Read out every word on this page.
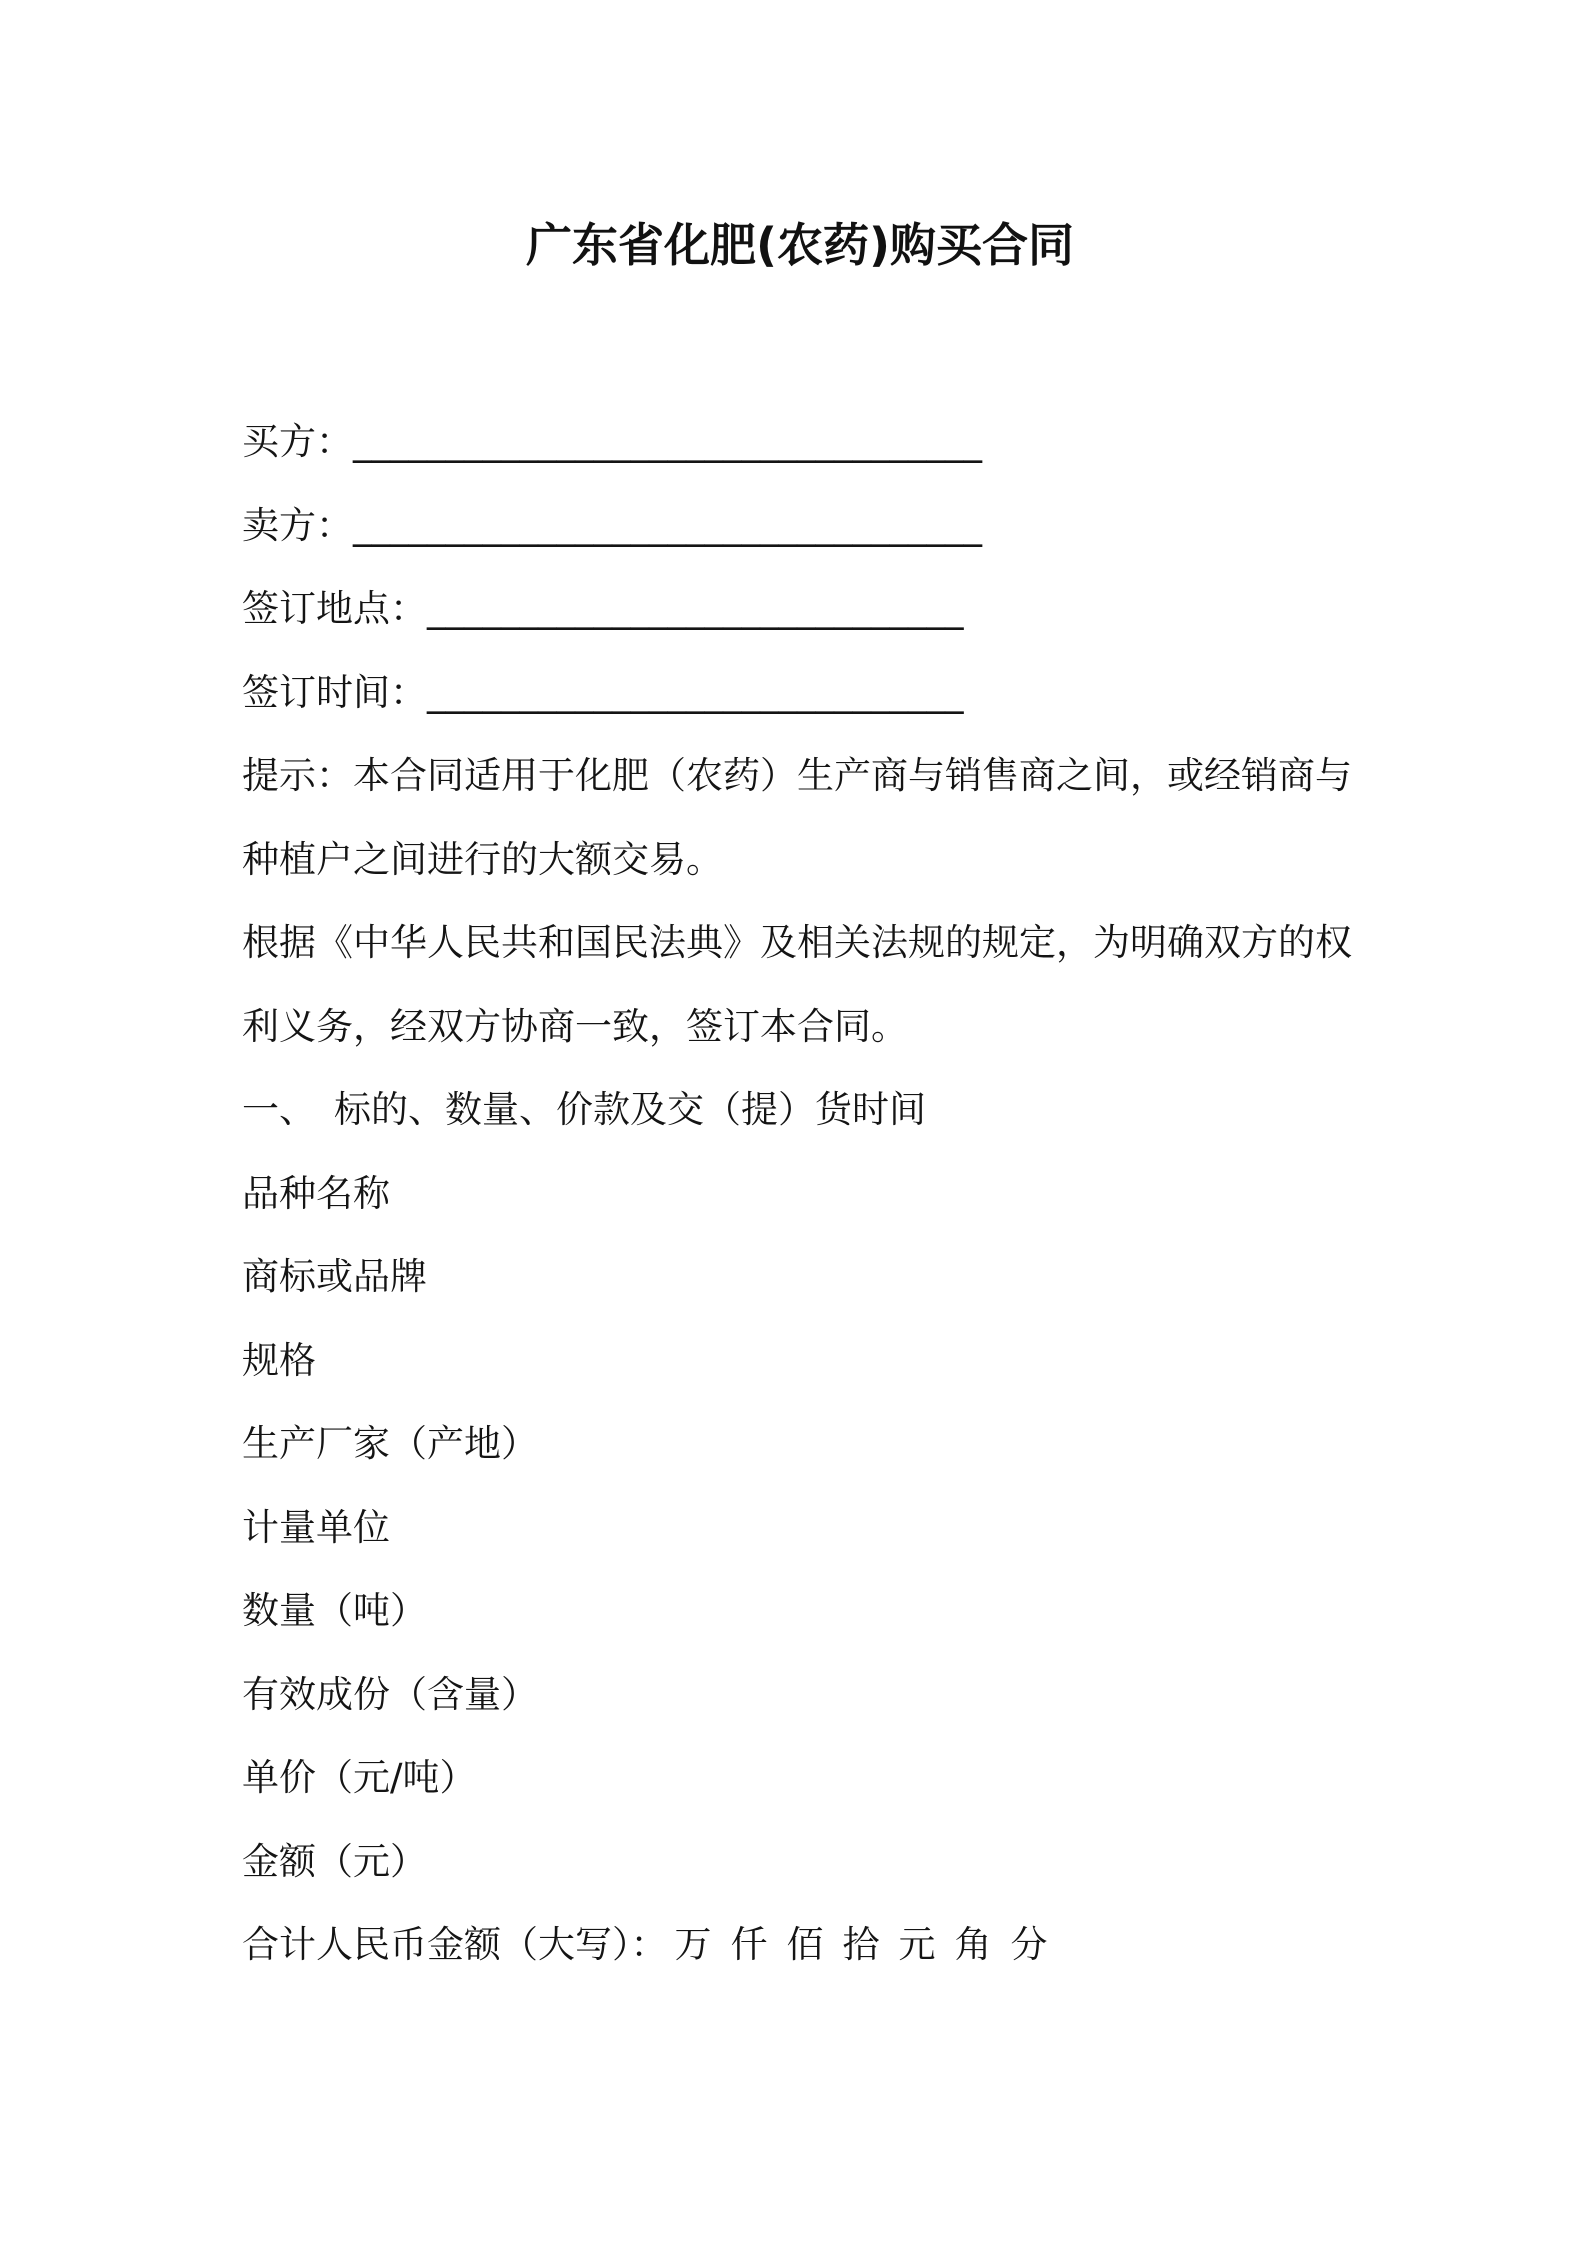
广东省化肥(农药)购买合同
买方：__________________________________
卖方：__________________________________
签订地点：_____________________________
签订时间：_____________________________
提示：本合同适用于化肥（农药）生产商与销售商之间，或经销商与
种植户之间进行的大额交易。
根据《中华人民共和国民法典》及相关法规的规定，为明确双方的权
利义务，经双方协商一致，签订本合同。
一、 标的、数量、价款及交（提）货时间
品种名称
商标或品牌
规格
生产厂家（产地）
计量单位
数量（吨）
有效成份（含量）
单价（元/吨）
金额（元）
合计人民币金额（大写）： 万 仟 佰 拾 元 角 分
